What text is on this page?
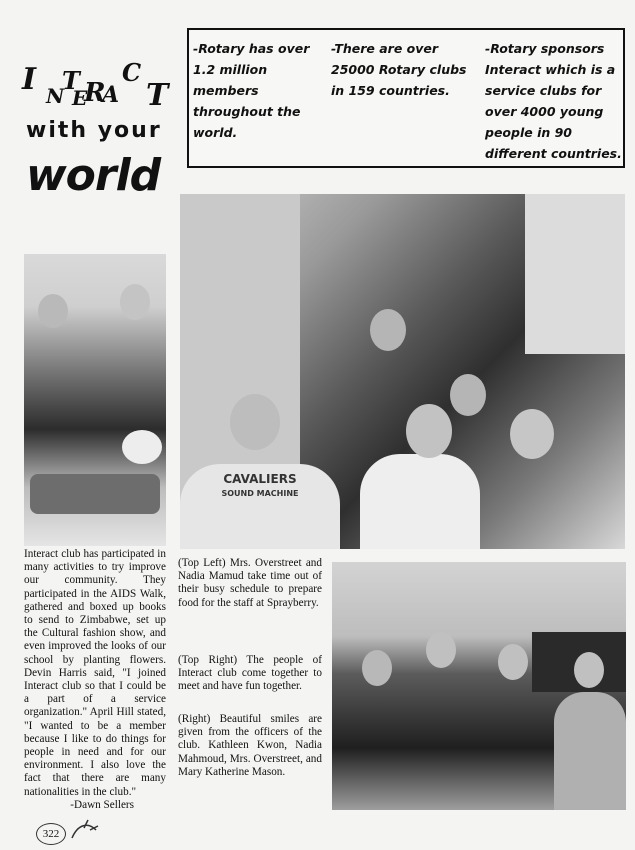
I N
T
E
R
A
C
T
with your
world
-Rotary has over 1.2 million members throughout the world.
-There are over 25000 Rotary clubs in 159 countries.
-Rotary sponsors Interact which is a service clubs for over 4000 young people in 90 different countries.
CAVALIERS
SOUND MACHINE
Interact club has participated in many activities to try improve our community. They participated in the AIDS Walk, gathered and boxed up books to send to Zimbabwe, set up the Cultural fashion show, and even improved the looks of our school by planting flowers. Devin Harris said, "I joined Interact club so that I could be a part of a service organization." April Hill stated, "I wanted to be a member because I like to do things for people in need and for our environment. I also love the fact that there are many nationalities in the club."
-Dawn Sellers
(Top Left) Mrs. Overstreet and Nadia Mamud take time out of their busy schedule to prepare food for the staff at Sprayberry.
(Top Right) The people of Interact club come together to meet and have fun together.
(Right) Beautiful smiles are given from the officers of the club. Kathleen Kwon, Nadia Mahmoud, Mrs. Overstreet, and Mary Katherine Mason.
322
